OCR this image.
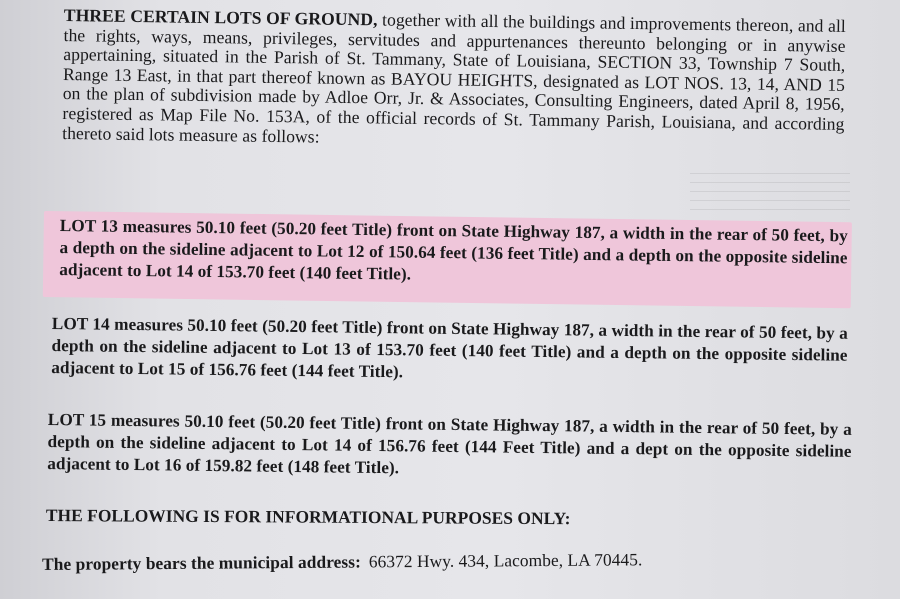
THREE CERTAIN LOTS OF GROUND, together with all the buildings and improvements thereon, and all the rights, ways, means, privileges, servitudes and appurtenances thereunto belonging or in anywise appertaining, situated in the Parish of St. Tammany, State of Louisiana, SECTION 33, Township 7 South, Range 13 East, in that part thereof known as BAYOU HEIGHTS, designated as LOT NOS. 13, 14, AND 15 on the plan of subdivision made by Adloe Orr, Jr. & Associates, Consulting Engineers, dated April 8, 1956, registered as Map File No. 153A, of the official records of St. Tammany Parish, Louisiana, and according thereto said lots measure as follows:

LOT 13 measures 50.10 feet (50.20 feet Title) front on State Highway 187, a width in the rear of 50 feet, by a depth on the sideline adjacent to Lot 12 of 150.64 feet (136 feet Title) and a depth on the opposite sideline adjacent to Lot 14 of 153.70 feet (140 feet Title).

LOT 14 measures 50.10 feet (50.20 feet Title) front on State Highway 187, a width in the rear of 50 feet, by a depth on the sideline adjacent to Lot 13 of 153.70 feet (140 feet Title) and a depth on the opposite sideline adjacent to Lot 15 of 156.76 feet (144 feet Title).

LOT 15 measures 50.10 feet (50.20 feet Title) front on State Highway 187, a width in the rear of 50 feet, by a depth on the sideline adjacent to Lot 14 of 156.76 feet (144 Feet Title) and a dept on the opposite sideline adjacent to Lot 16 of 159.82 feet (148 feet Title).

THE FOLLOWING IS FOR INFORMATIONAL PURPOSES ONLY:

The property bears the municipal address: 66372 Hwy. 434, Lacombe, LA 70445.
